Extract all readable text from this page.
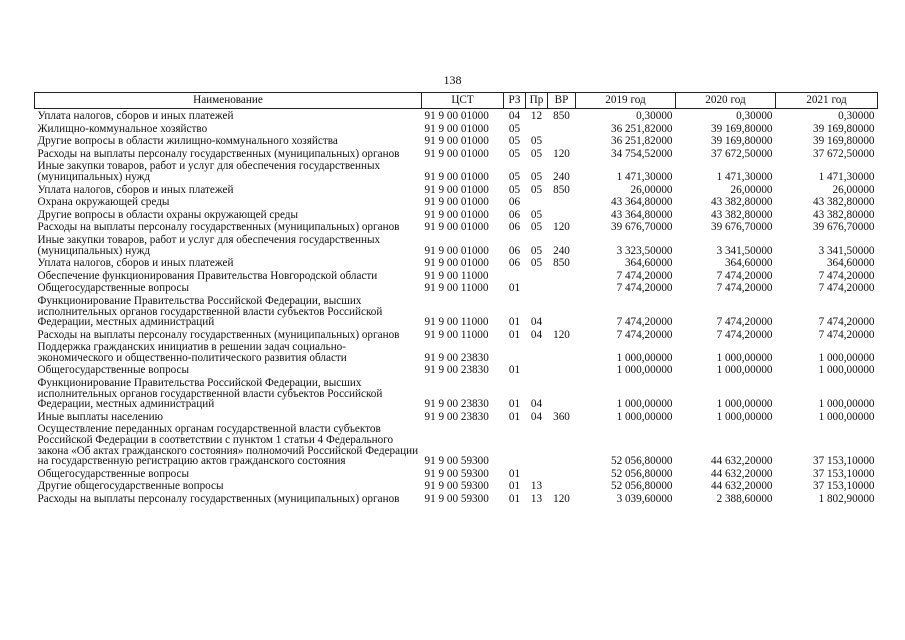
138
Наименование	ЦСТ	РЗ	Пр	ВР	2019 год	2020 год	2021 год
Уплата налогов, сборов и иных платежей	91 9 00 01000	04	12	850	0,30000	0,30000	0,30000
Жилищно-коммунальное хозяйство	91 9 00 01000	05			36 251,82000	39 169,80000	39 169,80000
Другие вопросы в области жилищно-коммунального хозяйства	91 9 00 01000	05	05		36 251,82000	39 169,80000	39 169,80000
Расходы на выплаты персоналу государственных (муниципальных) органов	91 9 00 01000	05	05	120	34 754,52000	37 672,50000	37 672,50000
Иные закупки товаров, работ и услуг для обеспечения государственных (муниципальных) нужд	91 9 00 01000	05	05	240	1 471,30000	1 471,30000	1 471,30000
Уплата налогов, сборов и иных платежей	91 9 00 01000	05	05	850	26,00000	26,00000	26,00000
Охрана окружающей среды	91 9 00 01000	06			43 364,80000	43 382,80000	43 382,80000
Другие вопросы в области охраны окружающей среды	91 9 00 01000	06	05		43 364,80000	43 382,80000	43 382,80000
Расходы на выплаты персоналу государственных (муниципальных) органов	91 9 00 01000	06	05	120	39 676,70000	39 676,70000	39 676,70000
Иные закупки товаров, работ и услуг для обеспечения государственных (муниципальных) нужд	91 9 00 01000	06	05	240	3 323,50000	3 341,50000	3 341,50000
Уплата налогов, сборов и иных платежей	91 9 00 01000	06	05	850	364,60000	364,60000	364,60000
Обеспечение функционирования Правительства Новгородской области	91 9 00 11000				7 474,20000	7 474,20000	7 474,20000
Общегосударственные вопросы	91 9 00 11000	01			7 474,20000	7 474,20000	7 474,20000
Функционирование Правительства Российской Федерации, высших исполнительных органов государственной власти субъектов Российской Федерации, местных администраций	91 9 00 11000	01	04		7 474,20000	7 474,20000	7 474,20000
Расходы на выплаты персоналу государственных (муниципальных) органов	91 9 00 11000	01	04	120	7 474,20000	7 474,20000	7 474,20000
Поддержка гражданских инициатив в решении задач социально-экономического и общественно-политического развития области	91 9 00 23830				1 000,00000	1 000,00000	1 000,00000
Общегосударственные вопросы	91 9 00 23830	01			1 000,00000	1 000,00000	1 000,00000
Функционирование Правительства Российской Федерации, высших исполнительных органов государственной власти субъектов Российской Федерации, местных администраций	91 9 00 23830	01	04		1 000,00000	1 000,00000	1 000,00000
Иные выплаты населению	91 9 00 23830	01	04	360	1 000,00000	1 000,00000	1 000,00000
Осуществление переданных органам государственной власти субъектов Российской Федерации в соответствии с пунктом 1 статьи 4 Федерального закона «Об актах гражданского состояния» полномочий Российской Федерации на государственную регистрацию актов гражданского состояния	91 9 00 59300				52 056,80000	44 632,20000	37 153,10000
Общегосударственные вопросы	91 9 00 59300	01			52 056,80000	44 632,20000	37 153,10000
Другие общегосударственные вопросы	91 9 00 59300	01	13		52 056,80000	44 632,20000	37 153,10000
Расходы на выплаты персоналу государственных (муниципальных) органов	91 9 00 59300	01	13	120	3 039,60000	2 388,60000	1 802,90000
